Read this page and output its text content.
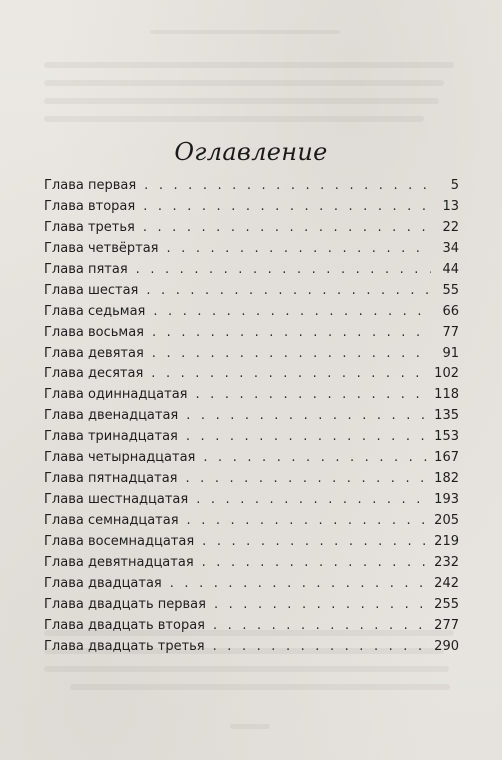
Оглавление
Глава первая . . .	5
Глава вторая . . .	13
Глава третья . . .	22
Глава четвёртая . . .	34
Глава пятая . . .	44
Глава шестая . . .	55
Глава седьмая . . .	66
Глава восьмая . . .	77
Глава девятая . . .	91
Глава десятая . . .	102
Глава одиннадцатая . . .	118
Глава двенадцатая . . .	135
Глава тринадцатая . . .	153
Глава четырнадцатая . . .	167
Глава пятнадцатая . . .	182
Глава шестнадцатая . . .	193
Глава семнадцатая . . .	205
Глава восемнадцатая . . .	219
Глава девятнадцатая . . .	232
Глава двадцатая . . .	242
Глава двадцать первая . . .	255
Глава двадцать вторая . . .	277
Глава двадцать третья . . .	290
